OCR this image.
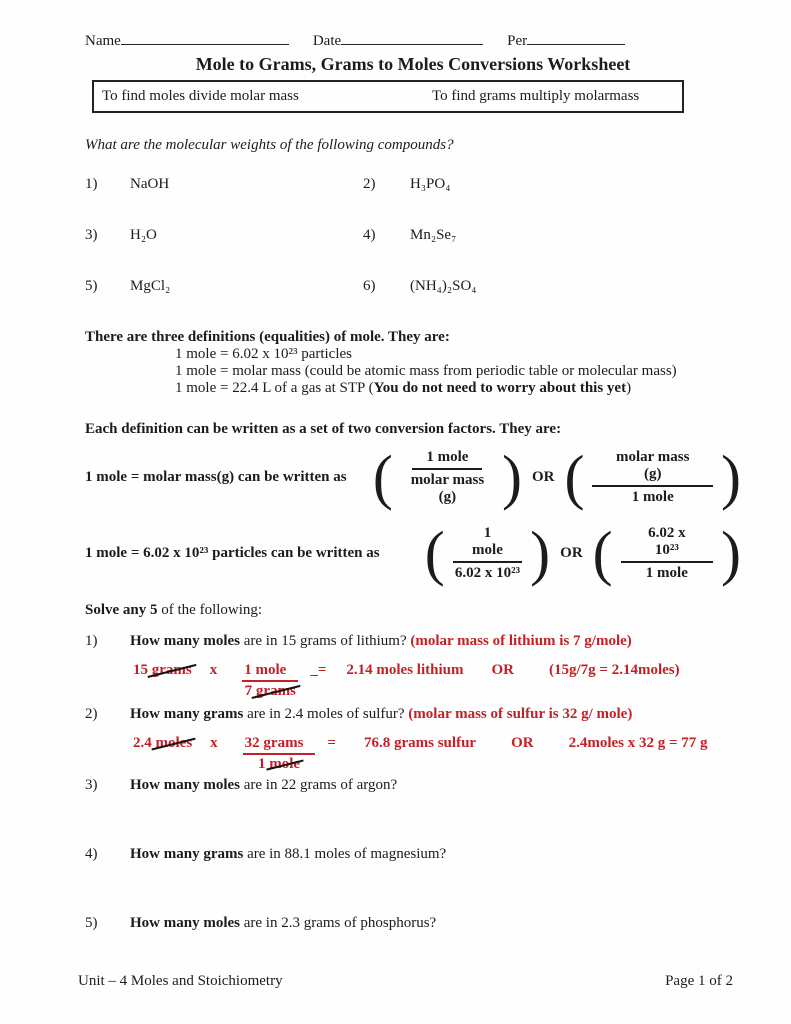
Name	Date	Per
Mole to Grams, Grams to Moles Conversions Worksheet
To find moles divide molar mass	To find grams multiply molarmass
What are the molecular weights of the following compounds?
1)	NaOH	2)	H₃PO₄
3)	H₂O	4)	Mn₂Se₇
5)	MgCl₂	6)	(NH₄)₂SO₄
There are three definitions (equalities) of mole. They are:
1 mole = 6.02 x 10²³ particles
1 mole = molar mass (could be atomic mass from periodic table or molecular mass)
1 mole = 22.4 L of a gas at STP (You do not need to worry about this yet)
Each definition can be written as a set of two conversion factors. They are:
1 mole = molar mass(g) can be written as ( $\frac{\text{1 mole}}{\text{molar mass (g)}}$ ) OR ( $\frac{\text{molar mass (g)}}{\text{1 mole}}$ )
1 mole = 6.02 x 10²³ particles can be written as ( $\frac{\text{1 mole}}{\text{6.02 x 10²³}}$ ) OR ( $\frac{\text{6.02 x 10²³}}{\text{1 mole}}$ )
Solve any 5 of the following:
1)	How many moles are in 15 grams of lithium? (molar mass of lithium is 7 g/mole)
15 grams x 1 mole
7 grams
_= 2.14 moles lithium OR (15g/7g = 2.14moles)
2)	How many grams are in 2.4 moles of sulfur? (molar mass of sulfur is 32 g/ mole)
2.4 moles x 32 grams
1 mole
= 76.8 grams sulfur OR 2.4moles x 32 g = 77 g
3)	How many moles are in 22 grams of argon?
4)	How many grams are in 88.1 moles of magnesium?
5)	How many moles are in 2.3 grams of phosphorus?
Unit – 4 Moles and Stoichiometry	Page 1 of 2
